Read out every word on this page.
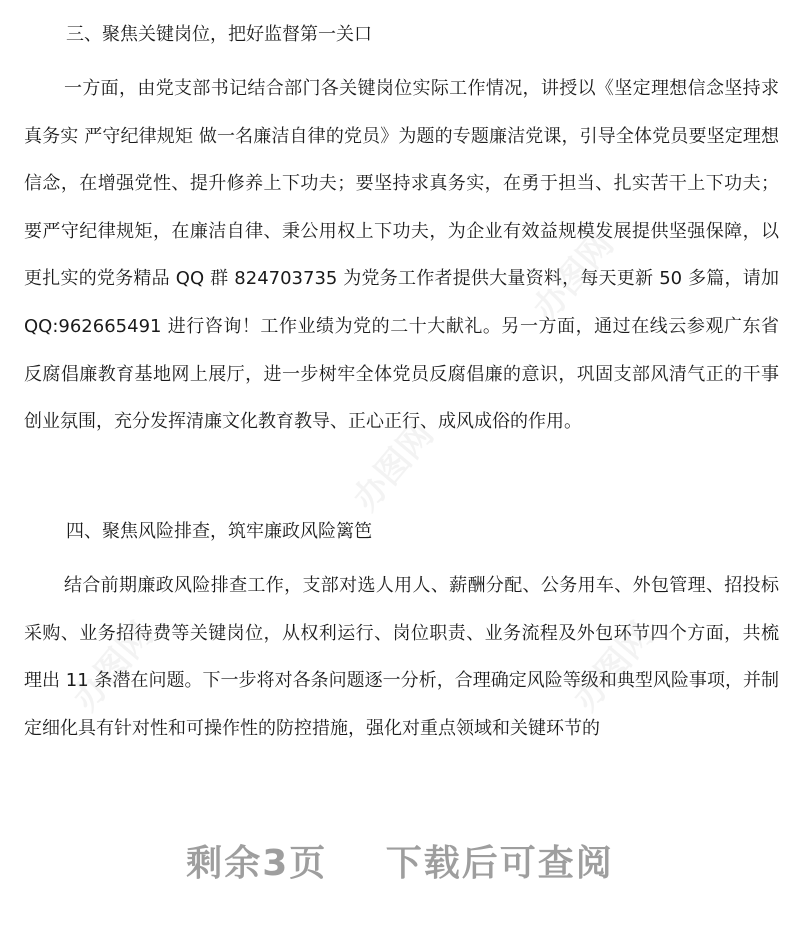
三、聚焦关键岗位，把好监督第一关口

一方面，由党支部书记结合部门各关键岗位实际工作情况，讲授以《坚定理想信念坚持求真务实 严守纪律规矩 做一名廉洁自律的党员》为题的专题廉洁党课，引导全体党员要坚定理想信念，在增强党性、提升修养上下功夫；要坚持求真务实，在勇于担当、扎实苦干上下功夫；要严守纪律规矩，在廉洁自律、秉公用权上下功夫，为企业有效益规模发展提供坚强保障，以更扎实的党务精品 QQ 群 824703735 为党务工作者提供大量资料，每天更新 50 多篇，请加 QQ:962665491 进行咨询！工作业绩为党的二十大献礼。另一方面，通过在线云参观广东省反腐倡廉教育基地网上展厅，进一步树牢全体党员反腐倡廉的意识，巩固支部风清气正的干事创业氛围，充分发挥清廉文化教育教导、正心正行、成风成俗的作用。

四、聚焦风险排查，筑牢廉政风险篱笆

结合前期廉政风险排查工作，支部对选人用人、薪酬分配、公务用车、外包管理、招投标采购、业务招待费等关键岗位，从权利运行、岗位职责、业务流程及外包环节四个方面，共梳理出 11 条潜在问题。下一步将对各条问题逐一分析，合理确定风险等级和典型风险事项，并制定细化具有针对性和可操作性的防控措施，强化对重点领域和关键环节的

办图网
办图网
办图网	办图网
剩余3页 下载后可查阅
